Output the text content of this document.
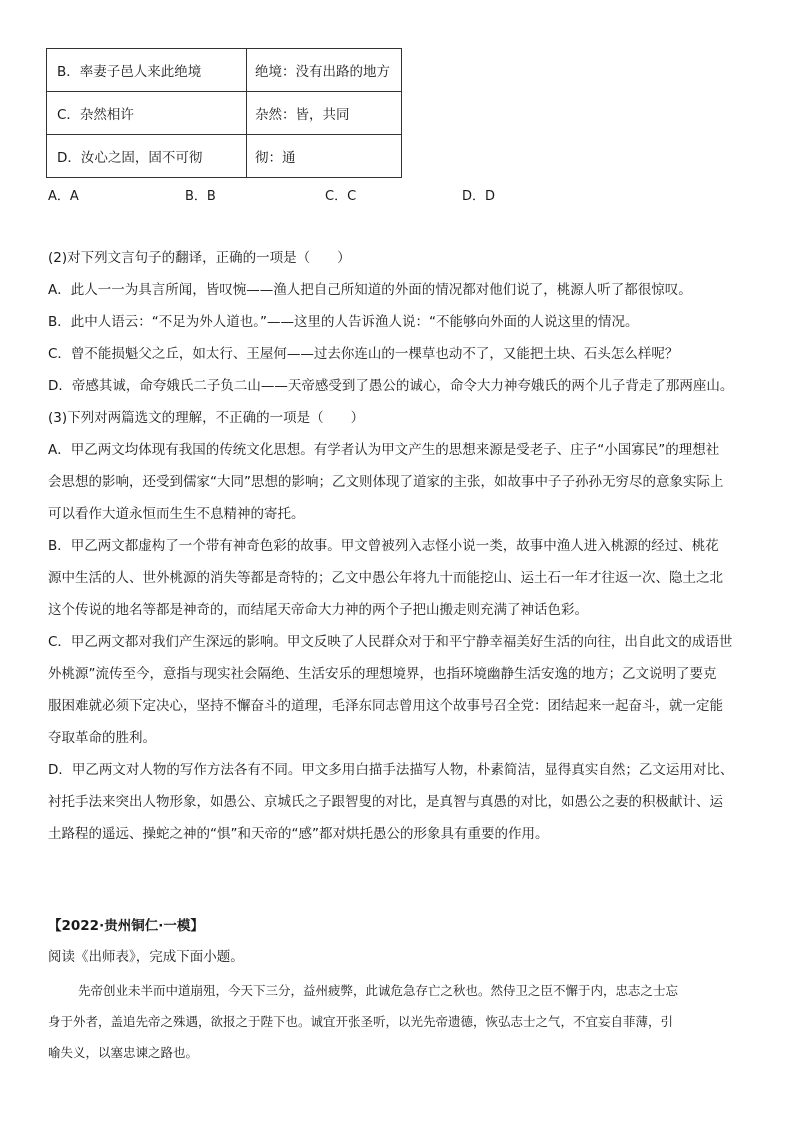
B．率妻子邑人来此绝境	绝境：没有出路的地方
C．杂然相许	杂然：皆，共同
D．汝心之固，固不可彻	彻：通
A．A	B．B	C．C	D．D
(2)对下列文言句子的翻译，正确的一项是（　　）
A．此人一一为具言所闻，皆叹惋——渔人把自己所知道的外面的情况都对他们说了，桃源人听了都很惊叹。
B．此中人语云：“不足为外人道也。”——这里的人告诉渔人说：“不能够向外面的人说这里的情况。
C．曾不能损魁父之丘，如太行、王屋何——过去你连山的一棵草也动不了，又能把土块、石头怎么样呢？
D．帝感其诚，命夸娥氏二子负二山——天帝感受到了愚公的诚心，命令大力神夸娥氏的两个儿子背走了那两座山。
(3)下列对两篇选文的理解，不正确的一项是（　　）
A．甲乙两文均体现有我国的传统文化思想。有学者认为甲文产生的思想来源是受老子、庄子“小国寡民”的理想社
会思想的影响，还受到儒家“大同”思想的影响；乙文则体现了道家的主张，如故事中子子孙孙无穷尽的意象实际上
可以看作大道永恒而生生不息精神的寄托。
B．甲乙两文都虚构了一个带有神奇色彩的故事。甲文曾被列入志怪小说一类，故事中渔人进入桃源的经过、桃花
源中生活的人、世外桃源的消失等都是奇特的；乙文中愚公年将九十而能挖山、运土石一年才往返一次、隐土之北
这个传说的地名等都是神奇的，而结尾天帝命大力神的两个子把山搬走则充满了神话色彩。
C．甲乙两文都对我们产生深远的影响。甲文反映了人民群众对于和平宁静幸福美好生活的向往，出自此文的成语世
外桃源”流传至今，意指与现实社会隔绝、生活安乐的理想境界，也指环境幽静生活安逸的地方；乙文说明了要克
服困难就必须下定决心，坚持不懈奋斗的道理，毛泽东同志曾用这个故事号召全党：团结起来一起奋斗，就一定能
夺取革命的胜利。
D．甲乙两文对人物的写作方法各有不同。甲文多用白描手法描写人物，朴素简洁，显得真实自然；乙文运用对比、
衬托手法来突出人物形象，如愚公、京城氏之子跟智叟的对比，是真智与真愚的对比，如愚公之妻的积极献计、运
土路程的遥远、操蛇之神的“惧”和天帝的“感”都对烘托愚公的形象具有重要的作用。
【2022·贵州铜仁·一模】
阅读《出师表》，完成下面小题。
先帝创业未半而中道崩殂，今天下三分，益州疲弊，此诚危急存亡之秋也。然侍卫之臣不懈于内，忠志之士忘
身于外者，盖追先帝之殊遇，欲报之于陛下也。诚宜开张圣听，以光先帝遗德，恢弘志士之气，不宜妄自菲薄，引
喻失义，以塞忠谏之路也。
